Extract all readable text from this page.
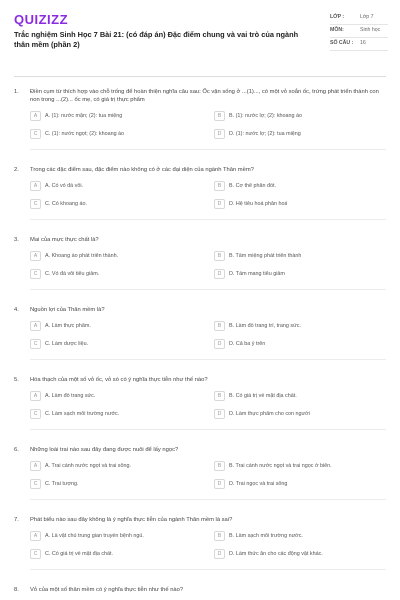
QUIZIZZ
Trắc nghiệm Sinh Học 7 Bài 21: (có đáp án) Đặc điểm chung và vai trò của ngành thân mềm (phần 2)
LỚP :	Lớp 7
MÔN:	Sinh học
SỐ CÂU :	16
1.	Điền cụm từ thích hợp vào chỗ trống để hoàn thiện nghĩa câu sau: Ốc vặn sống ở ...(1)..., có một vỏ xoắn ốc, trứng phát triển thành con non trong ...(2)... ốc mẹ, có giá trị thực phẩm
A	A. (1): nước mặn; (2): tua miệng	B	B. (1): nước lợ; (2): khoang áo
C	C. (1): nước ngọt; (2): khoang áo	D	D. (1): nước lợ; (2): tua miệng
2.	Trong các đặc điểm sau, đặc điểm nào không có ở các đại diện của ngành Thân mềm?
A	A. Có vỏ đá vôi.	B	B. Cơ thể phân đốt.
C	C. Có khoang áo.	D	D. Hệ tiêu hoá phân hoá
3.	Mai của mực thực chất là?
A	A. Khoang áo phát triển thành.	B	B. Tấm miệng phát triển thành
C	C. Vỏ đá vôi tiêu giảm.	D	D. Tấm mang tiêu giảm
4.	Nguồn lợi của Thân mềm là?
A	A. Làm thực phẩm.	B	B. Làm đồ trang trí, trang sức.
C	C. Làm dược liệu.	D	D. Cả ba ý trên
5.	Hóa thạch của một số vỏ ốc, vỏ sò có ý nghĩa thực tiễn như thế nào?
A	A. Làm đồ trang sức.	B	B. Có giá trị về mặt địa chất.
C	C. Làm sạch môi trường nước.	D	D. Làm thực phẩm cho con người
6.	Những loài trai nào sau đây đang được nuôi để lấy ngọc?
A	A. Trai cánh nước ngọt và trai sông.	B	B. Trai cánh nước ngọt và trai ngọc ở biển.
C	C. Trai tượng.	D	D. Trai ngọc và trai sông
7.	Phát biểu nào sau đây không là ý nghĩa thực tiễn của ngành Thân mềm là sai?
A	A. Là vật chủ trung gian truyền bệnh ngủ.	B	B. Làm sạch môi trường nước.
C	C. Có giá trị về mặt địa chất.	D	D. Làm thức ăn cho các động vật khác.
8.	Vỏ của một số thân mềm có ý nghĩa thực tiễn như thế nào?
